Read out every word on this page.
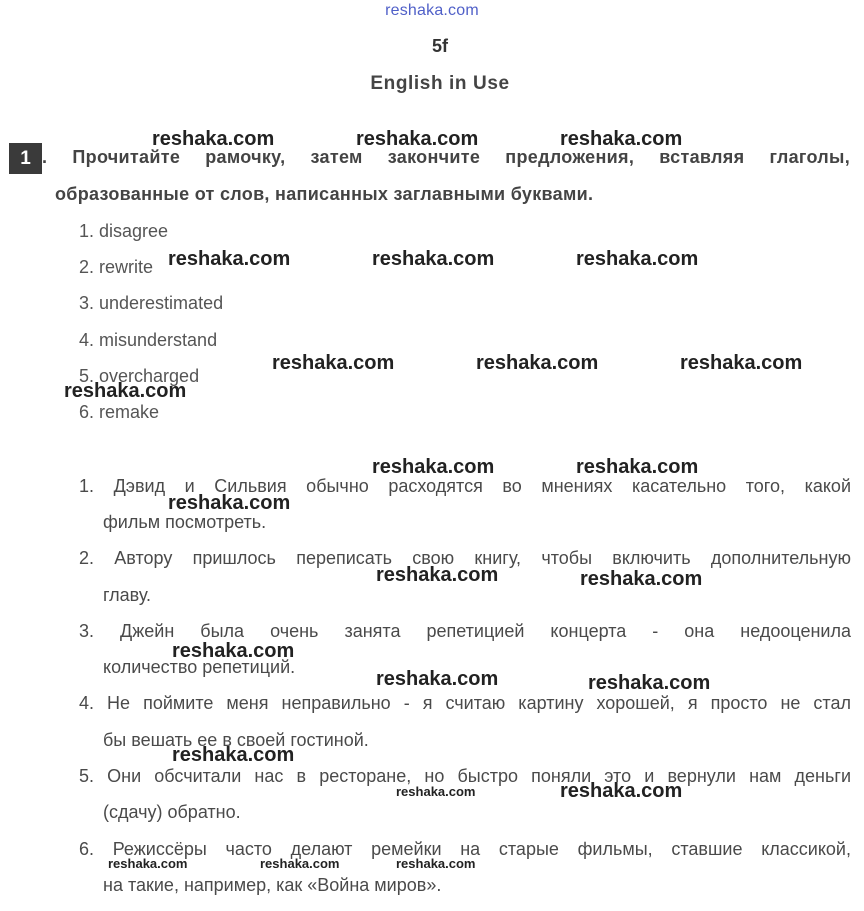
reshaka.com
5f
English in Use
1 . Прочитайте рамочку, затем закончите предложения, вставляя глаголы,
образованные от слов, написанных заглавными буквами.
1. disagree
2. rewrite
3. underestimated
4. misunderstand
5. overcharged
6. remake
1. Дэвид и Сильвия обычно расходятся во мнениях касательно того, какой
фильм посмотреть.
2. Автору пришлось переписать свою книгу, чтобы включить дополнительную
главу.
3. Джейн была очень занята репетицией концерта - она недооценила
количество репетиций.
4. Не поймите меня неправильно - я считаю картину хорошей, я просто не стал
бы вешать ее в своей гостиной.
5. Они обсчитали нас в ресторане, но быстро поняли это и вернули нам деньги
(сдачу) обратно.
6. Режиссёры часто делают ремейки на старые фильмы, ставшие классикой,
на такие, например, как «Война миров».
reshaka.com	reshaka.com	reshaka.com
reshaka.com	reshaka.com	reshaka.com
reshaka.com	reshaka.com	reshaka.com
reshaka.com
reshaka.com	reshaka.com
reshaka.com
reshaka.com	reshaka.com
reshaka.com
reshaka.com	reshaka.com
reshaka.com
reshaka.com
reshaka.com
reshaka.com	reshaka.com	reshaka.com
